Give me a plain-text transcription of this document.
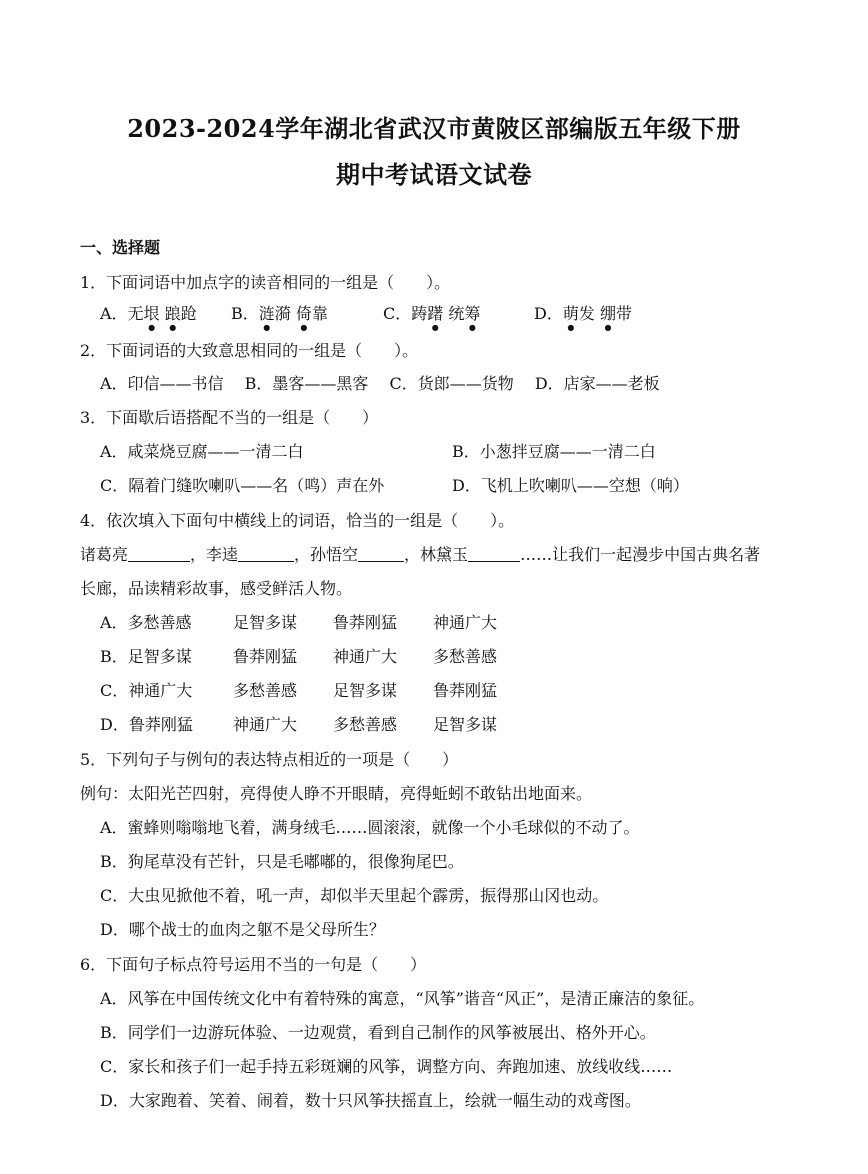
2023-2024学年湖北省武汉市黄陂区部编版五年级下册
期中考试语文试卷
一、选择题
1．下面词语中加点字的读音相同的一组是（　　）。
A．无垠 踉跄 B．涟漪 倚靠	C．踌躇 统筹	D．萌发 绷带
2．下面词语的大致意思相同的一组是（　　）。
A．印信——书信　 B．墨客——黑客　 C．货郎——货物　 D．店家——老板
3．下面歇后语搭配不当的一组是（　　）
A．咸菜烧豆腐——一清二白	B．小葱拌豆腐——一清二白
C．隔着门缝吹喇叭——名（鸣）声在外	D．飞机上吹喇叭——空想（响）
4．依次填入下面句中横线上的词语，恰当的一组是（　　）。
诸葛亮	，李逵	，孙悟空	，林黛玉	……让我们一起漫步中国古典名著
长廊，品读精彩故事，感受鲜活人物。
A．多愁善感	足智多谋 鲁莽刚猛 神通广大
B．足智多谋	鲁莽刚猛 神通广大 多愁善感
C．神通广大	多愁善感 足智多谋 鲁莽刚猛
D．鲁莽刚猛	神通广大 多愁善感 足智多谋
5．下列句子与例句的表达特点相近的一项是（　　）
例句：太阳光芒四射，亮得使人睁不开眼睛，亮得蚯蚓不敢钻出地面来。
A．蜜蜂则嗡嗡地飞着，满身绒毛……圆滚滚，就像一个小毛球似的不动了。
B．狗尾草没有芒针，只是毛嘟嘟的，很像狗尾巴。
C．大虫见掀他不着，吼一声，却似半天里起个霹雳，振得那山冈也动。
D．哪个战士的血肉之躯不是父母所生？
6．下面句子标点符号运用不当的一句是（　　）
A．风筝在中国传统文化中有着特殊的寓意，“风筝”谐音“风正”，是清正廉洁的象征。
B．同学们一边游玩体验、一边观赏，看到自己制作的风筝被展出、格外开心。
C．家长和孩子们一起手持五彩斑斓的风筝，调整方向、奔跑加速、放线收线……
D．大家跑着、笑着、闹着，数十只风筝扶摇直上，绘就一幅生动的戏鸢图。
